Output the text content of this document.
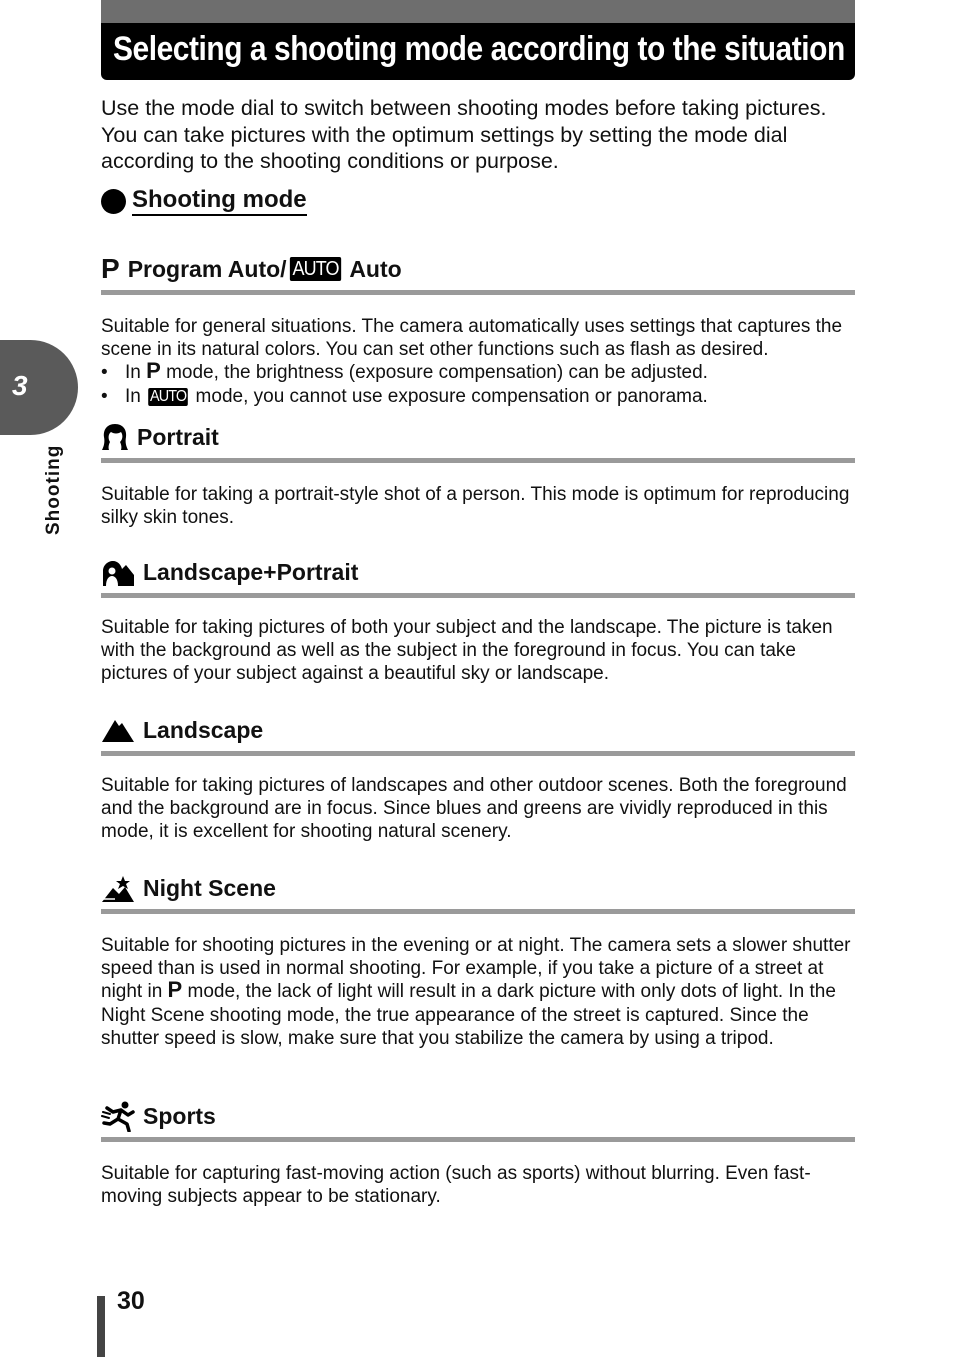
Selecting a shooting mode according to the situation

Use the mode dial to switch between shooting modes before taking pictures. You can take pictures with the optimum settings by setting the mode dial according to the shooting conditions or purpose.

Shooting mode
P Program Auto/ AUTO Auto

Suitable for general situations. The camera automatically uses settings that captures the scene in its natural colors. You can set other functions such as flash as desired.

• In P mode, the brightness (exposure compensation) can be adjusted.
• In AUTO mode, you cannot use exposure compensation or panorama.
Portrait

Suitable for taking a portrait-style shot of a person. This mode is optimum for reproducing silky skin tones.

Landscape+Portrait

Suitable for taking pictures of both your subject and the landscape. The picture is taken with the background as well as the subject in the foreground in focus. You can take pictures of your subject against a beautiful sky or landscape.

Landscape

Suitable for taking pictures of landscapes and other outdoor scenes. Both the foreground and the background are in focus. Since blues and greens are vividly reproduced in this mode, it is excellent for shooting natural scenery.

Night Scene

Suitable for shooting pictures in the evening or at night. The camera sets a slower shutter speed than is used in normal shooting. For example, if you take a picture of a street at night in P mode, the lack of light will result in a dark picture with only dots of light. In the Night Scene shooting mode, the true appearance of the street is captured. Since the shutter speed is slow, make sure that you stabilize the camera by using a tripod.

Sports

Suitable for capturing fast-moving action (such as sports) without blurring. Even fast-moving subjects appear to be stationary.

3
Shooting
30
